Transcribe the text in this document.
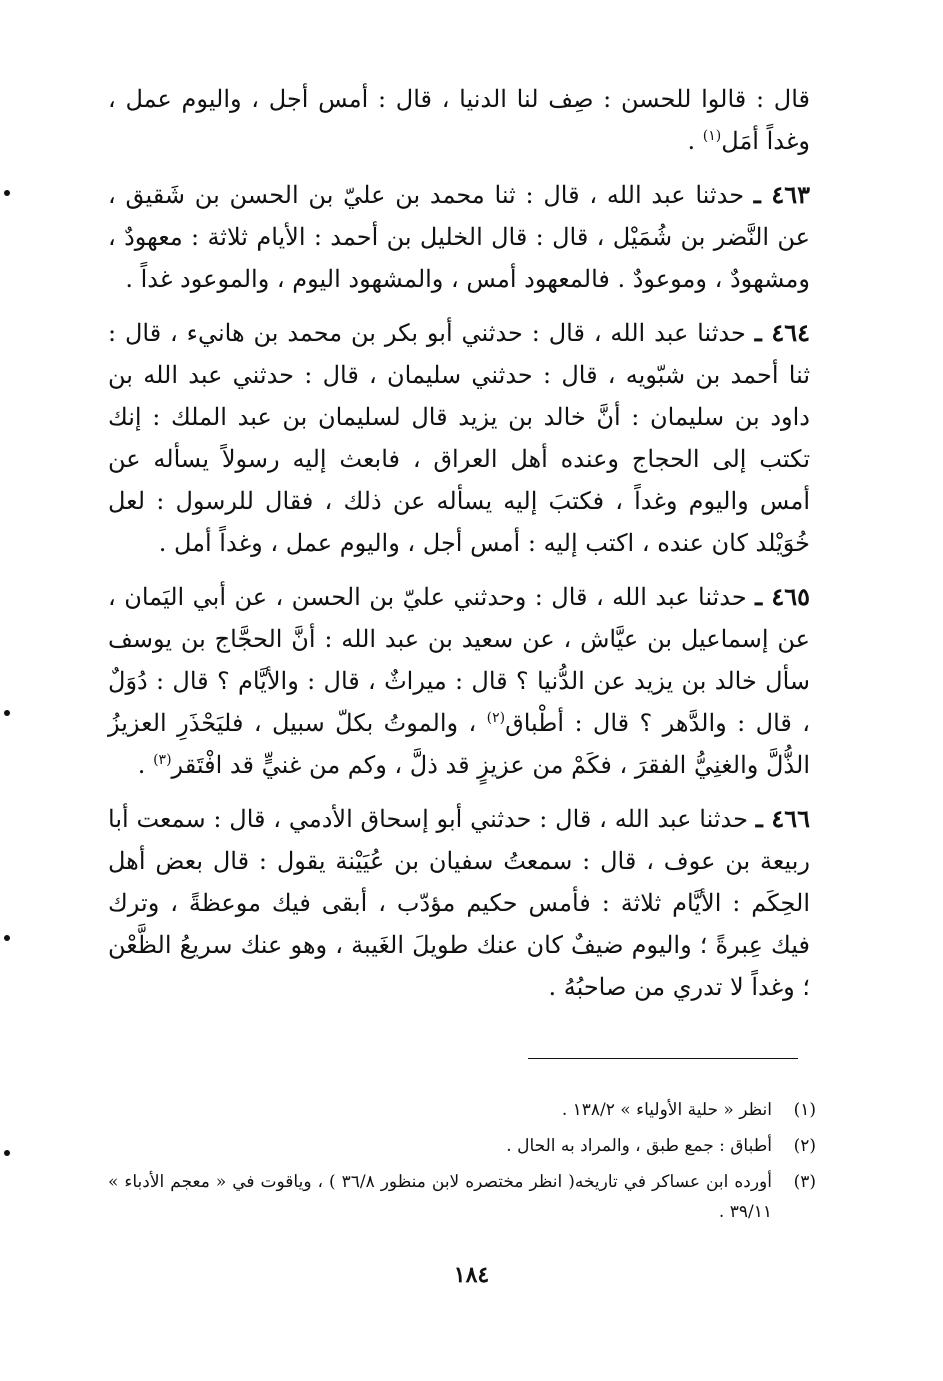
قال : قالوا للحسن : صِف لنا الدنيا ، قال : أمس أجل ، واليوم عمل ، وغداً أمَل$^{(١)}$ .

٤٦٣ ـ حدثنا عبد الله ، قال : ثنا محمد بن عليّ بن الحسن بن شَقيق ، عن النَّضر بن شُمَيْل ، قال : قال الخليل بن أحمد : الأيام ثلاثة : معهودٌ ، ومشهودٌ ، وموعودٌ . فالمعهود أمس ، والمشهود اليوم ، والموعود غداً .

٤٦٤ ـ حدثنا عبد الله ، قال : حدثني أبو بكر بن محمد بن هانيء ، قال : ثنا أحمد بن شبّويه ، قال : حدثني سليمان ، قال : حدثني عبد الله بن داود بن سليمان : أنَّ خالد بن يزيد قال لسليمان بن عبد الملك : إنك تكتب إلى الحجاج وعنده أهل العراق ، فابعث إليه رسولاً يسأله عن أمس واليوم وغداً ، فكتبَ إليه يسأله عن ذلك ، فقال للرسول : لعل خُوَيْلد كان عنده ، اكتب إليه : أمس أجل ، واليوم عمل ، وغداً أمل .

٤٦٥ ـ حدثنا عبد الله ، قال : وحدثني عليّ بن الحسن ، عن أبي اليَمان ، عن إسماعيل بن عيَّاش ، عن سعيد بن عبد الله : أنَّ الحجَّاج بن يوسف سأل خالد بن يزيد عن الدُّنيا ؟ قال : ميراثٌ ، قال : والأيَّام ؟ قال : دُوَلٌ ، قال : والدَّهر ؟ قال : أطْباق$^{(٢)}$ ، والموتُ بكلّ سبيل ، فليَحْذَرِ العزيزُ الذُّلَّ والغنِيُّ الفقرَ ، فكَمْ من عزيزٍ قد ذلَّ ، وكم من غنيٍّ قد افْتَقر$^{(٣)}$ .

٤٦٦ ـ حدثنا عبد الله ، قال : حدثني أبو إسحاق الأدمي ، قال : سمعت أبا ربيعة بن عوف ، قال : سمعتُ سفيان بن عُيَيْنة يقول : قال بعض أهل الحِكَم : الأيَّام ثلاثة : فأمس حكيم مؤدّب ، أبقى فيك موعظةً ، وترك فيك عِبرةً ؛ واليوم ضيفٌ كان عنك طويلَ الغَيبة ، وهو عنك سريعُ الظَّعْن ؛ وغداً لا تدري من صاحبُهُ .

(١)
انظر « حلية الأولياء » ١٣٨/٢ .
(٢)
أطباق : جمع طبق ، والمراد به الحال .
(٣)
أورده ابن عساكر في تاريخه( انظر مختصره لابن منظور ٣٦/٨ ) ، وياقوت في « معجم الأدباء » ٣٩/١١ .
١٨٤
